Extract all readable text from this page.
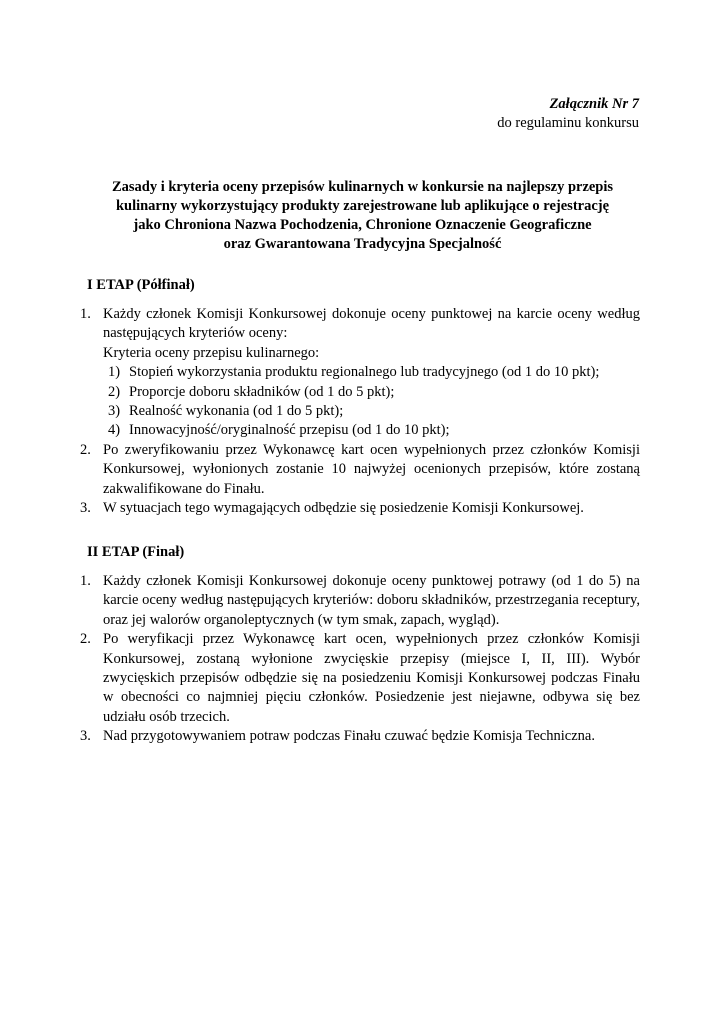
Załącznik Nr 7
do regulaminu konkursu
Zasady i kryteria oceny przepisów kulinarnych w konkursie na najlepszy przepis
kulinarny wykorzystujący produkty zarejestrowane lub aplikujące o rejestrację
jako Chroniona Nazwa Pochodzenia, Chronione Oznaczenie Geograficzne
oraz Gwarantowana Tradycyjna Specjalność
I ETAP (Półfinał)
1. Każdy członek Komisji Konkursowej dokonuje oceny punktowej na karcie oceny według następujących kryteriów oceny:

Kryteria oceny przepisu kulinarnego:

1) Stopień wykorzystania produktu regionalnego lub tradycyjnego (od 1 do 10 pkt);
2) Proporcje doboru składników (od 1 do 5 pkt);
3) Realność wykonania (od 1 do 5 pkt);
4) Innowacyjność/oryginalność przepisu (od 1 do 10 pkt);
2. Po zweryfikowaniu przez Wykonawcę kart ocen wypełnionych przez członków Komisji Konkursowej, wyłonionych zostanie 10 najwyżej ocenionych przepisów, które zostaną zakwalifikowane do Finału.

3. W sytuacjach tego wymagających odbędzie się posiedzenie Komisji Konkursowej.

II ETAP (Finał)
1. Każdy członek Komisji Konkursowej dokonuje oceny punktowej potrawy (od 1 do 5) na karcie oceny według następujących kryteriów: doboru składników, przestrzegania receptury, oraz jej walorów organoleptycznych (w tym smak, zapach, wygląd).

2. Po weryfikacji przez Wykonawcę kart ocen, wypełnionych przez członków Komisji Konkursowej, zostaną wyłonione zwycięskie przepisy (miejsce I, II, III). Wybór zwycięskich przepisów odbędzie się na posiedzeniu Komisji Konkursowej podczas Finału w obecności co najmniej pięciu członków. Posiedzenie jest niejawne, odbywa się bez udziału osób trzecich.

3. Nad przygotowywaniem potraw podczas Finału czuwać będzie Komisja Techniczna.
